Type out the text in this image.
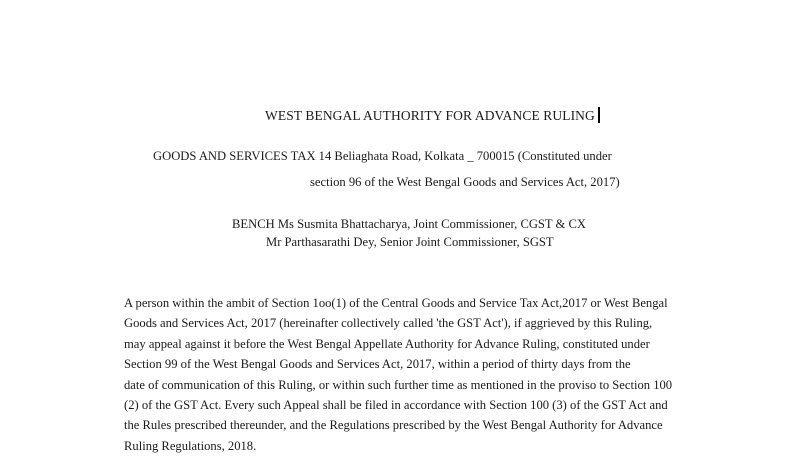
WEST BENGAL AUTHORITY FOR ADVANCE RULING
GOODS AND SERVICES TAX 14 Beliaghata Road, Kolkata _ 700015 (Constituted under
section 96 of the West Bengal Goods and Services Act, 2017)
BENCH Ms Susmita Bhattacharya, Joint Commissioner, CGST & CX
Mr Parthasarathi Dey, Senior Joint Commissioner, SGST
A person within the ambit of Section 1oo(1) of the Central Goods and Service Tax Act,2017 or West Bengal
Goods and Services Act, 2017 (hereinafter collectively called 'the GST Act'), if aggrieved by this Ruling,
may appeal against it before the West Bengal Appellate Authority for Advance Ruling, constituted under
Section 99 of the West Bengal Goods and Services Act, 2017, within a period of thirty days from the
date of communication of this Ruling, or within such further time as mentioned in the proviso to Section 100
(2) of the GST Act. Every such Appeal shall be filed in accordance with Section 100 (3) of the GST Act and
the Rules prescribed thereunder, and the Regulations prescribed by the West Bengal Authority for Advance
Ruling Regulations, 2018.
